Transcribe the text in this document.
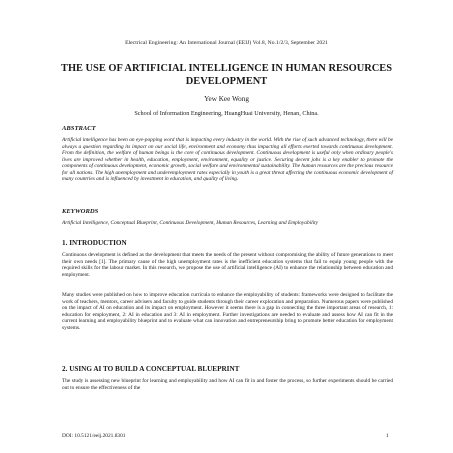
Electrical Engineering: An International Journal (EEIJ) Vol.8, No.1/2/3, September 2021
THE USE OF ARTIFICIAL INTELLIGENCE IN HUMAN RESOURCES DEVELOPMENT
Yew Kee Wong
School of Information Engineering, HuangHuai University, Henan, China.
ABSTRACT

Artificial intelligence has been an eye-popping word that is impacting every industry in the world. With the rise of such advanced technology, there will be always a question regarding its impact on our social life, environment and economy thus impacting all efforts exerted towards continuous development. From the definition, the welfare of human beings is the core of continuous development. Continuous development is useful only when ordinary people's lives are improved whether in health, education, employment, environment, equality or justice. Securing decent jobs is a key enabler to promote the components of continuous development, economic growth, social welfare and environmental sustainability. The human resources are the precious resource for all nations. The high unemployment and underemployment rates especially in youth is a great threat affecting the continuous economic development of many countries and is influenced by investment in education, and quality of living.

KEYWORDS

Artificial Intelligence, Conceptual Blueprint, Continuous Development, Human Resources, Learning and Employability

1. INTRODUCTION

Continuous development is defined as the development that meets the needs of the present without compromising the ability of future generations to meet their own needs [1]. The primary cause of the high unemployment rates is the inefficient education systems that fail to equip young people with the required skills for the labour market. In this research, we propose the use of artificial intelligence (AI) to enhance the relationship between education and employment.

Many studies were published on how to improve education curricula to enhance the employability of students: frameworks were designed to facilitate the work of teachers, mentors, career advisers and faculty to guide students through their career exploration and preparation. Numerous papers were published on the impact of AI on education and its impact on employment. However it seems there is a gap in connecting the three important areas of research, 1: education for employment, 2: AI in education and 3: AI in employment. Further investigations are needed to evaluate and assess how AI can fit in the current learning and employability blueprint and to evaluate what can innovation and entrepreneurship bring to promote better education for employment systems.

2. USING AI TO BUILD A CONCEPTUAL BLUEPRINT

The study is assessing new blueprint for learning and employability and how AI can fit in and foster the process, so further experiments should be carried out to ensure the effectiveness of the

DOI: 10.5121/eeij.2021.8301	1
